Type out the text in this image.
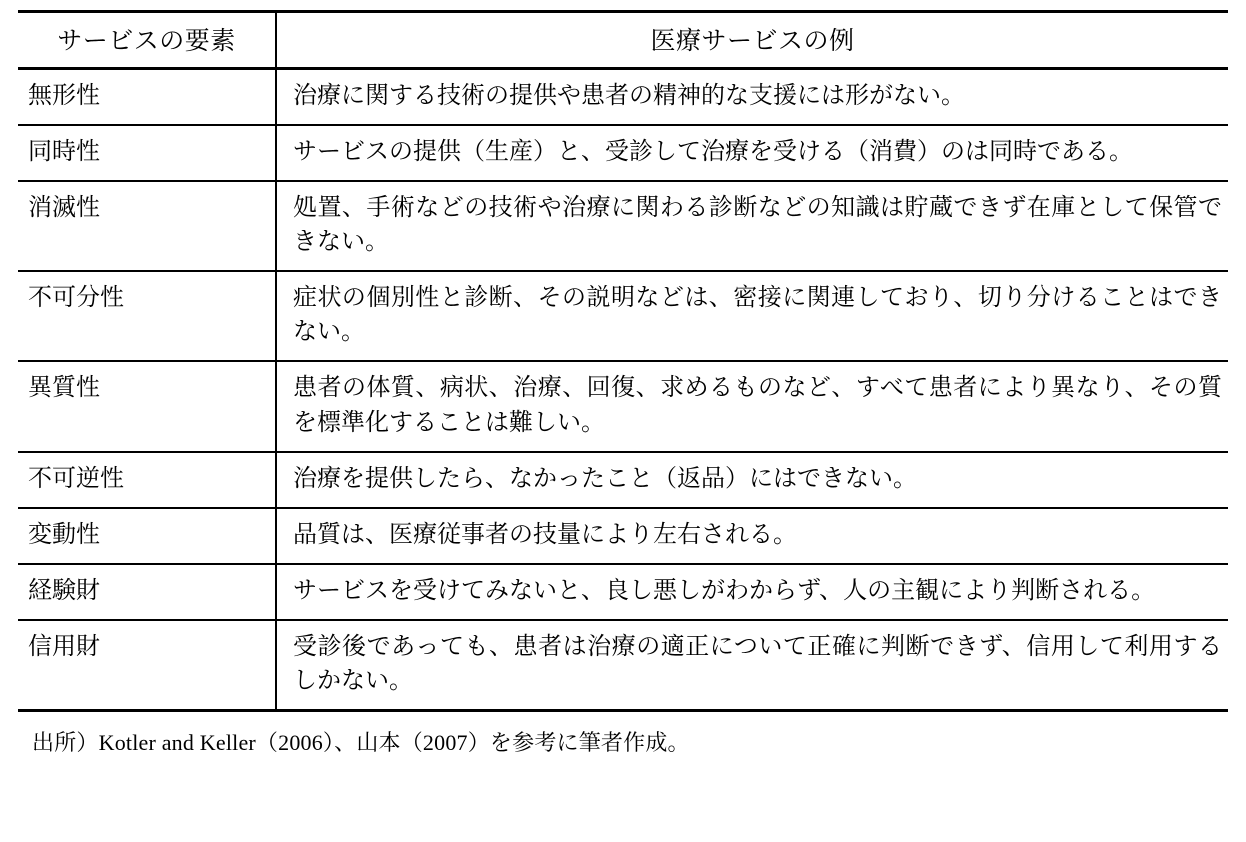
サービスの要素	医療サービスの例
無形性	治療に関する技術の提供や患者の精神的な支援には形がない。
同時性	サービスの提供（生産）と、受診して治療を受ける（消費）のは同時である。
消滅性	処置、手術などの技術や治療に関わる診断などの知識は貯蔵できず在庫として保管できない。
不可分性	症状の個別性と診断、その説明などは、密接に関連しており、切り分けることはできない。
異質性	患者の体質、病状、治療、回復、求めるものなど、すべて患者により異なり、その質を標準化することは難しい。
不可逆性	治療を提供したら、なかったこと（返品）にはできない。
変動性	品質は、医療従事者の技量により左右される。
経験財	サービスを受けてみないと、良し悪しがわからず、人の主観により判断される。
信用財	受診後であっても、患者は治療の適正について正確に判断できず、信用して利用するしかない。
出所）Kotler and Keller（2006）、山本（2007）を参考に筆者作成。
